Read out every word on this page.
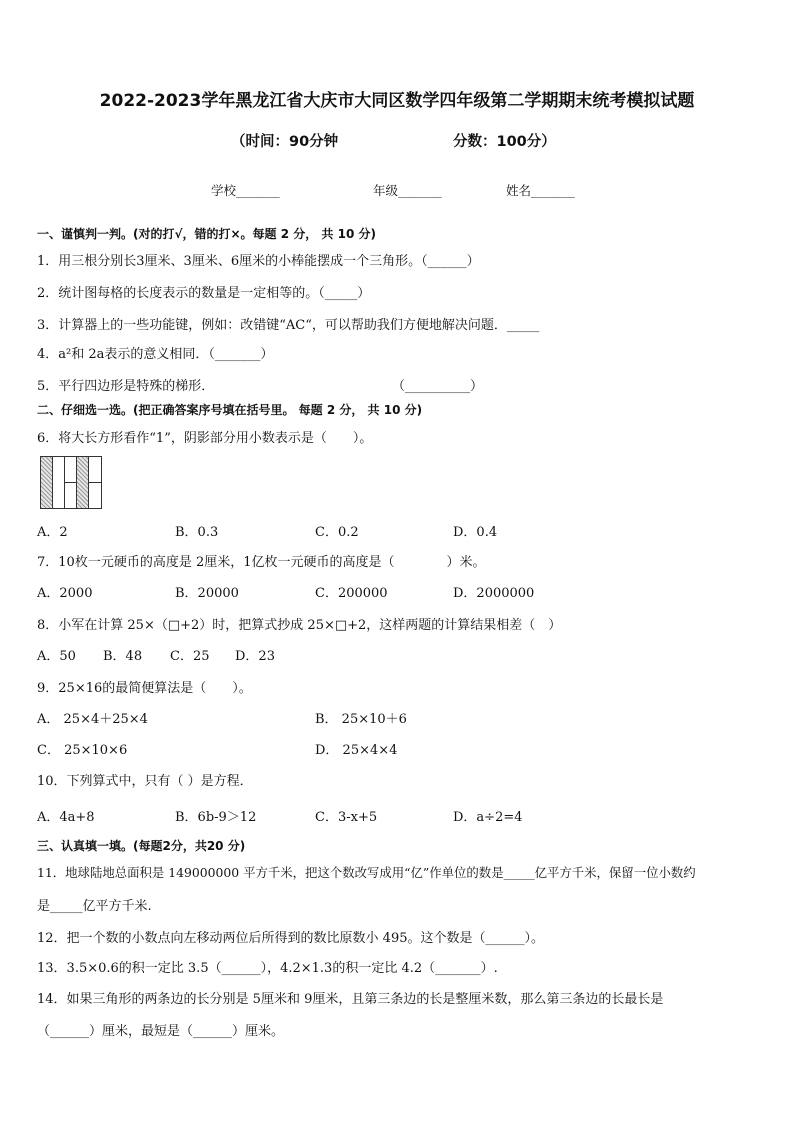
2022-2023学年黑龙江省大庆市大同区数学四年级第二学期期末统考模拟试题
（时间：90分钟	分数：100分）
学校_______	年级_______	姓名_______
一、谨慎判一判。(对的打√，错的打×。每题 2 分， 共 10 分)
1．用三根分别长3厘米、3厘米、6厘米的小棒能摆成一个三角形。（______）
2．统计图每格的长度表示的数量是一定相等的。（_____）
3．计算器上的一些功能键，例如：改错键“AC“，可以帮助我们方便地解决问题．_____
4．a²和 2a表示的意义相同．（_______）
5．平行四边形是特殊的梯形．	（__________）
二、仔细选一选。(把正确答案序号填在括号里。 每题 2 分， 共 10 分)
6．将大长方形看作“1”，阴影部分用小数表示是（　　）。
A．2	B．0.3	C．0.2	D．0.4
7．10枚一元硬币的高度是 2厘米，1亿枚一元硬币的高度是（　　　　）米。
A．2000	B．20000	C．200000	D．2000000
8．小军在计算 25×（□+2）时，把算式抄成 25×□+2，这样两题的计算结果相差（　）
A．50 B．48 C．25 D．23
9．25×16的最简便算法是（　　）。
A． 25×4＋25×4	B． 25×10＋6
C． 25×10×6	D． 25×4×4
10．下列算式中，只有（ ）是方程．
A．4a+8	B．6b-9＞12	C．3-x+5	D．a÷2=4
三、认真填一填。(每题2分，共20 分)
11．地球陆地总面积是 149000000 平方千米，把这个数改写成用“亿”作单位的数是_____亿平方千米，保留一位小数约
是_____亿平方千米.
12．把一个数的小数点向左移动两位后所得到的数比原数小 495。这个数是（______）。
13．3.5×0.6的积一定比 3.5（______），4.2×1.3的积一定比 4.2（_______）.
14．如果三角形的两条边的长分别是 5厘米和 9厘米，且第三条边的长是整厘米数，那么第三条边的长最长是
（______）厘米，最短是（______）厘米。
